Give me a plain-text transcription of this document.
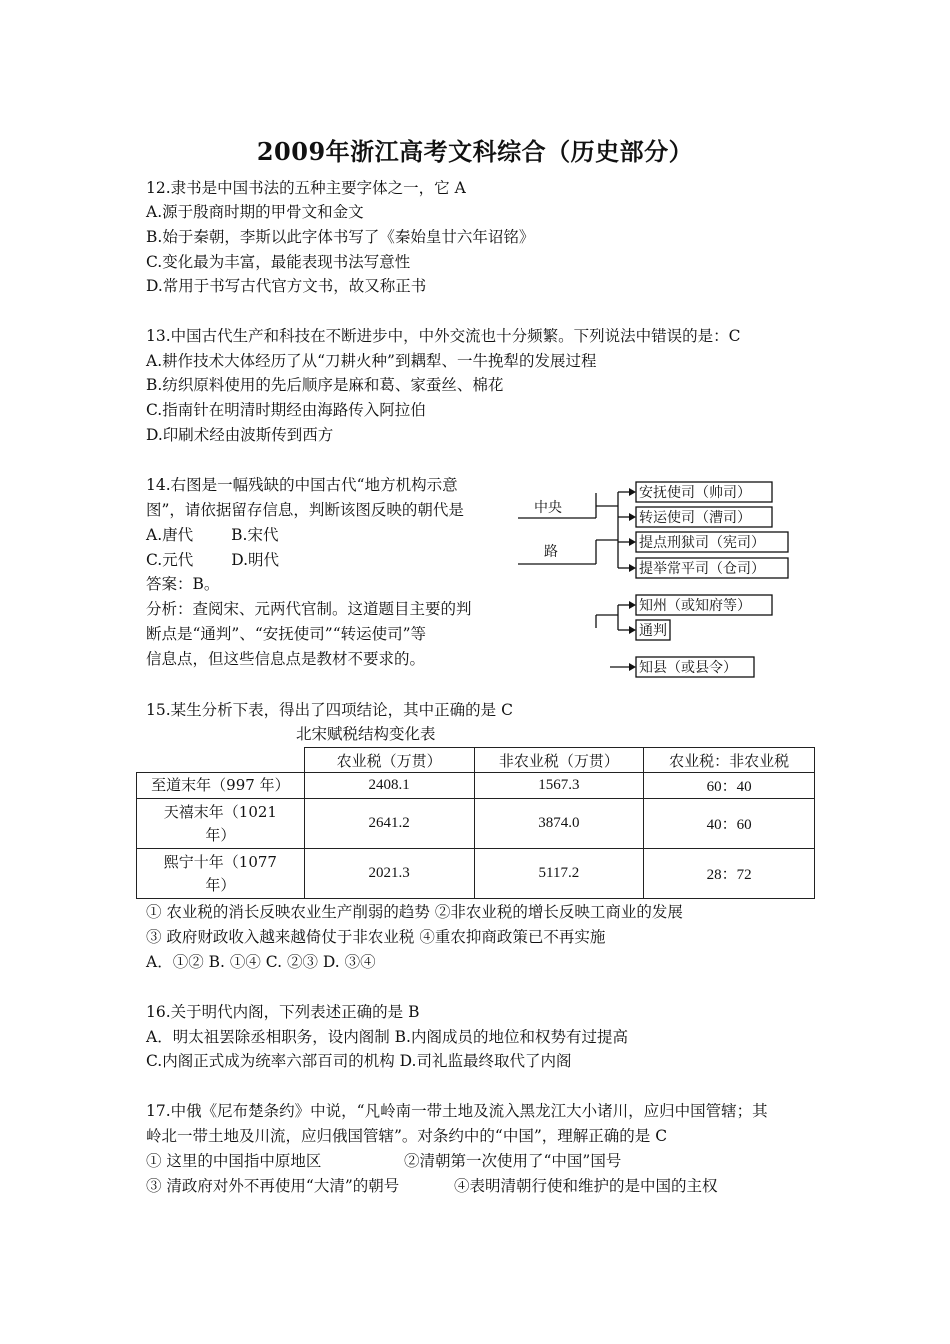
2009年浙江高考文科综合（历史部分）
12.隶书是中国书法的五种主要字体之一，它 A
A.源于殷商时期的甲骨文和金文
B.始于秦朝，李斯以此字体书写了《秦始皇廿六年诏铭》
C.变化最为丰富，最能表现书法写意性
D.常用于书写古代官方文书，故又称正书
13.中国古代生产和科技在不断进步中，中外交流也十分频繁。下列说法中错误的是：C
A.耕作技术大体经历了从“刀耕火种”到耦犁、一牛挽犁的发展过程
B.纺织原料使用的先后顺序是麻和葛、家蚕丝、棉花
C.指南针在明清时期经由海路传入阿拉伯
D.印刷术经由波斯传到西方
14.右图是一幅残缺的中国古代“地方机构示意
图”，请依据留存信息，判断该图反映的朝代是
A.唐代 B.宋代
C.元代 D.明代
答案：B。
分析：查阅宋、元两代官制。这道题目主要的判
断点是“通判”、“安抚使司”“转运使司”等
信息点，但这些信息点是教材不要求的。
中央
路
安抚使司（帅司）
转运使司（漕司）
提点刑狱司（宪司）
提举常平司（仓司）
知州（或知府等）
通判
知县（或县令）
15.某生分析下表，得出了四项结论，其中正确的是 C
北宋赋税结构变化表
	农业税（万贯）	非农业税（万贯）	农业税：非农业税
至道末年（997 年）	2408.1	1567.3	60：40

天禧末年（1021
年）	2641.2	3874.0	40：60

熙宁十年（1077
年）	2021.3	5117.2	28：72
① 农业税的消长反映农业生产削弱的趋势 ②非农业税的增长反映工商业的发展
③ 政府财政收入越来越倚仗于非农业税 ④重农抑商政策已不再实施
A．①② B. ①④ C. ②③ D. ③④
16.关于明代内阁，下列表述正确的是 B
A．明太祖罢除丞相职务，设内阁制 B.内阁成员的地位和权势有过提高
C.内阁正式成为统率六部百司的机构 D.司礼监最终取代了内阁
17.中俄《尼布楚条约》中说，“凡岭南一带土地及流入黑龙江大小诸川，应归中国管辖；其
岭北一带土地及川流，应归俄国管辖”。对条约中的“中国”，理解正确的是 C
① 这里的中国指中原地区	②清朝第一次使用了“中国”国号
③ 清政府对外不再使用“大清”的朝号	④表明清朝行使和维护的是中国的主权
